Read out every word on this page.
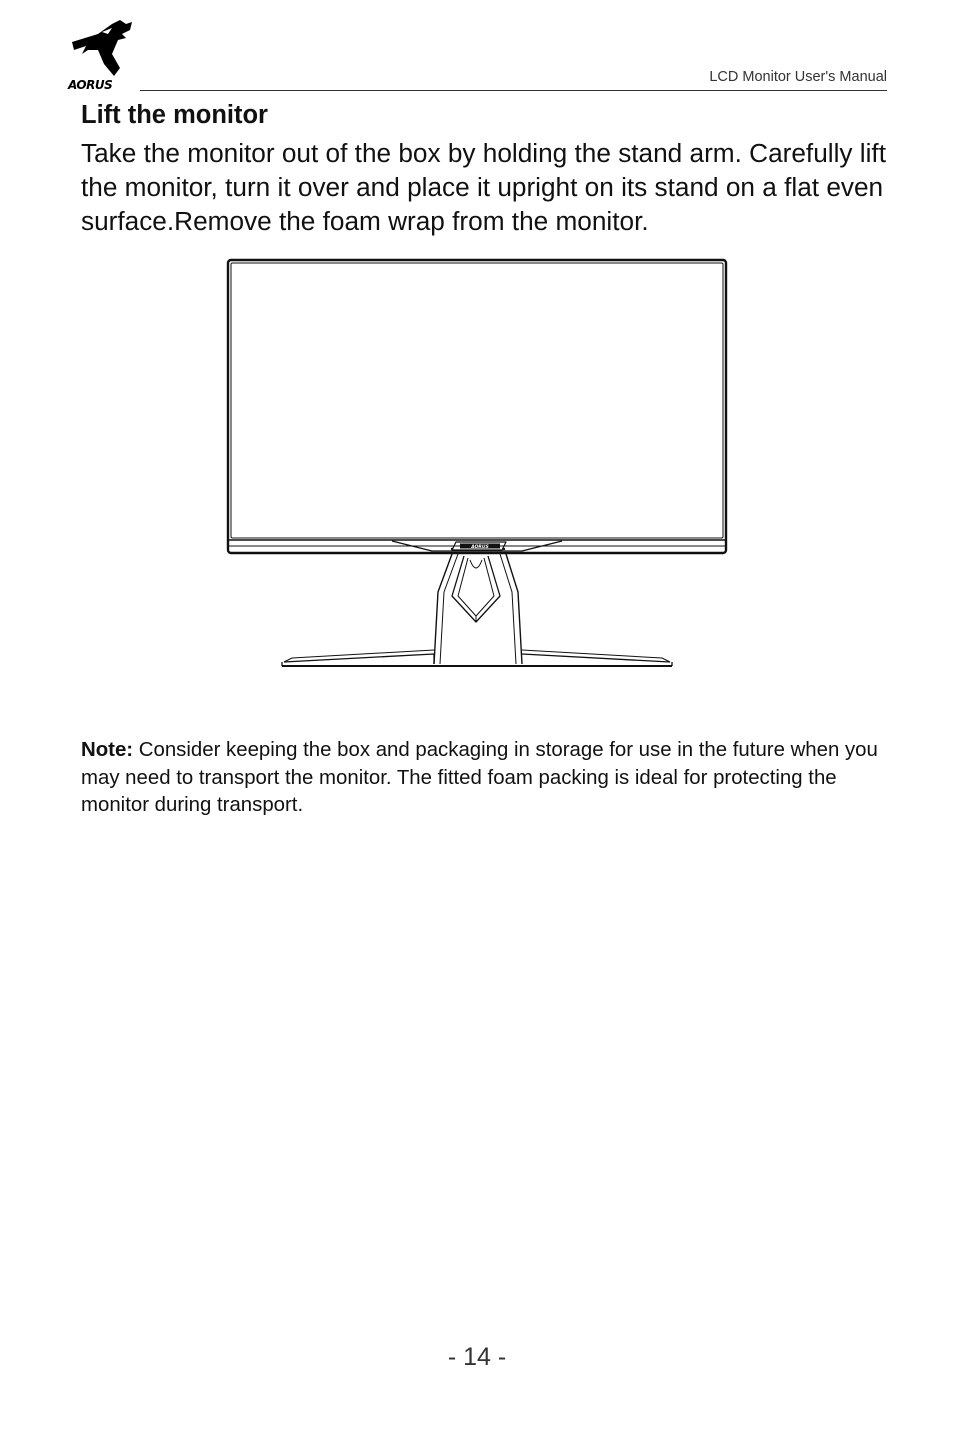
AORUS	LCD Monitor User's Manual
Lift the monitor

Take the monitor out of the box by holding the stand arm. Carefully lift the monitor, turn it over and place it upright on its stand on a flat even surface.Remove the foam wrap from the monitor.

AORUS

Note: Consider keeping the box and packaging in storage for use in the future when you may need to transport the monitor. The fitted foam packing is ideal for protecting the monitor during transport.

- 14 -
